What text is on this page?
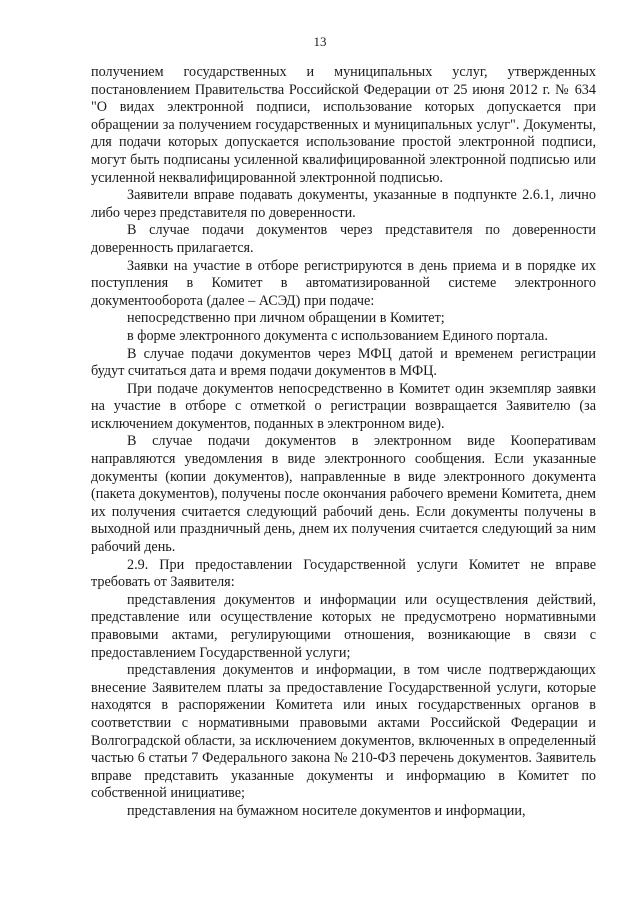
13

получением государственных и муниципальных услуг, утвержденных постановлением Правительства Российской Федерации от 25 июня 2012 г. № 634 "О видах электронной подписи, использование которых допускается при обращении за получением государственных и муниципальных услуг". Документы, для подачи которых допускается использование простой электронной подписи, могут быть подписаны усиленной квалифицированной электронной подписью или усиленной неквалифицированной электронной подписью.

Заявители вправе подавать документы, указанные в подпункте 2.6.1, лично либо через представителя по доверенности.

В случае подачи документов через представителя по доверенности доверенность прилагается.

Заявки на участие в отборе регистрируются в день приема и в порядке их поступления в Комитет в автоматизированной системе электронного документооборота (далее – АСЭД) при подаче:

непосредственно при личном обращении в Комитет;

в форме электронного документа с использованием Единого портала.

В случае подачи документов через МФЦ датой и временем регистрации будут считаться дата и время подачи документов в МФЦ.

При подаче документов непосредственно в Комитет один экземпляр заявки на участие в отборе с отметкой о регистрации возвращается Заявителю (за исключением документов, поданных в электронном виде).

В случае подачи документов в электронном виде Кооперативам направляются уведомления в виде электронного сообщения. Если указанные документы (копии документов), направленные в виде электронного документа (пакета документов), получены после окончания рабочего времени Комитета, днем их получения считается следующий рабочий день. Если документы получены в выходной или праздничный день, днем их получения считается следующий за ним рабочий день.

2.9. При предоставлении Государственной услуги Комитет не вправе требовать от Заявителя:

представления документов и информации или осуществления действий, представление или осуществление которых не предусмотрено нормативными правовыми актами, регулирующими отношения, возникающие в связи с предоставлением Государственной услуги;

представления документов и информации, в том числе подтверждающих внесение Заявителем платы за предоставление Государственной услуги, которые находятся в распоряжении Комитета или иных государственных органов в соответствии с нормативными правовыми актами Российской Федерации и Волгоградской области, за исключением документов, включенных в определенный частью 6 статьи 7 Федерального закона № 210-ФЗ перечень документов. Заявитель вправе представить указанные документы и информацию в Комитет по собственной инициативе;

представления на бумажном носителе документов и информации,
